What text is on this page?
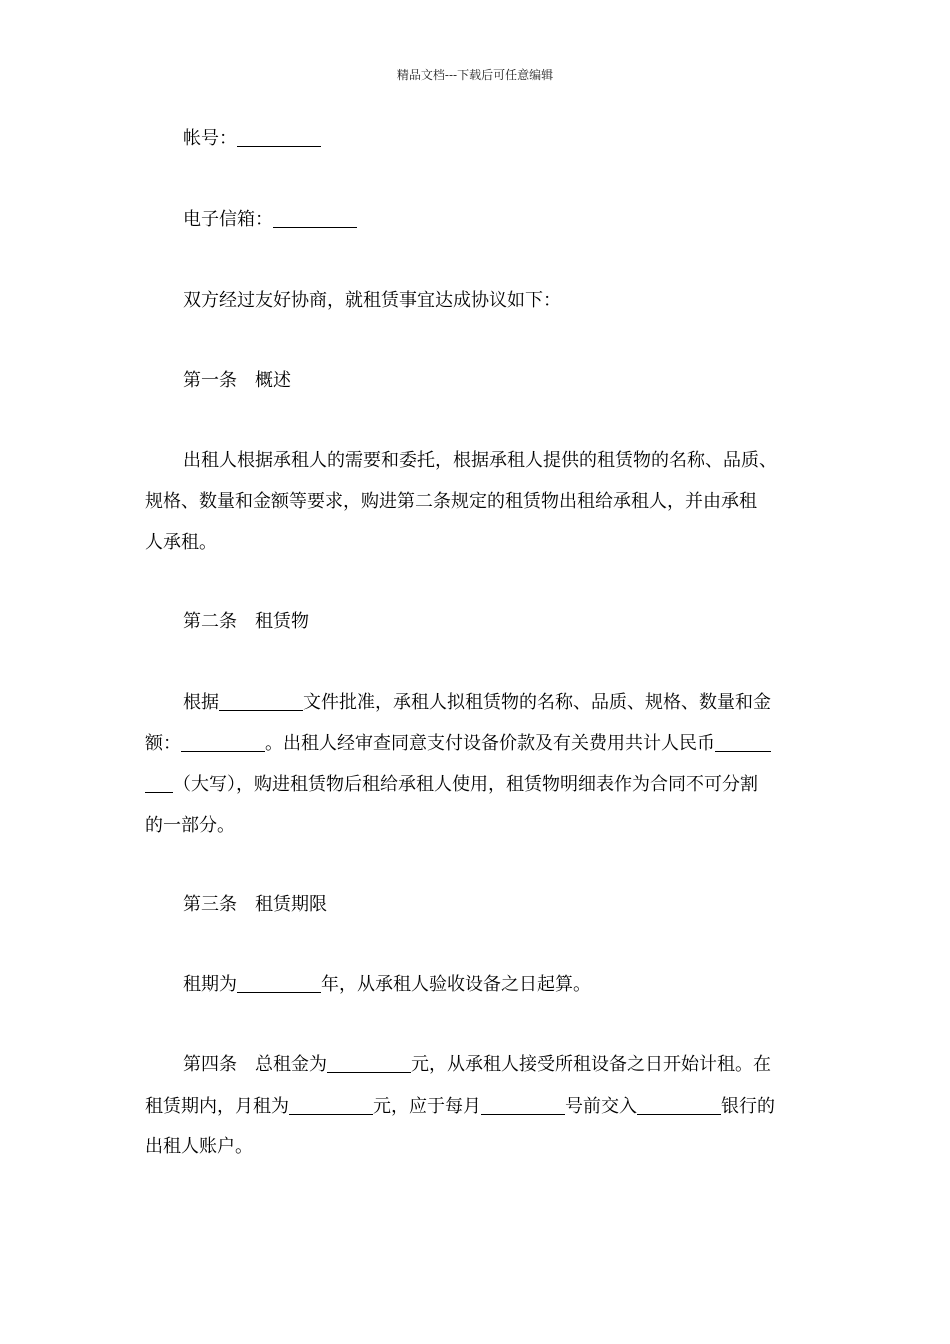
精品文档---下载后可任意编辑
帐号：
电子信箱：
双方经过友好协商，就租赁事宜达成协议如下：
第一条 概述
出租人根据承租人的需要和委托，根据承租人提供的租赁物的名称、品质、
规格、数量和金额等要求，购进第二条规定的租赁物出租给承租人，并由承租
人承租。
第二条 租赁物
根据	文件批准，承租人拟租赁物的名称、品质、规格、数量和金
额：	。出租人经审查同意支付设备价款及有关费用共计人民币
（大写），购进租赁物后租给承租人使用，租赁物明细表作为合同不可分割
的一部分。
第三条 租赁期限
租期为	年，从承租人验收设备之日起算。
第四条 总租金为	元，从承租人接受所租设备之日开始计租。在
租赁期内，月租为	元，应于每月	号前交入	银行的
出租人账户。
